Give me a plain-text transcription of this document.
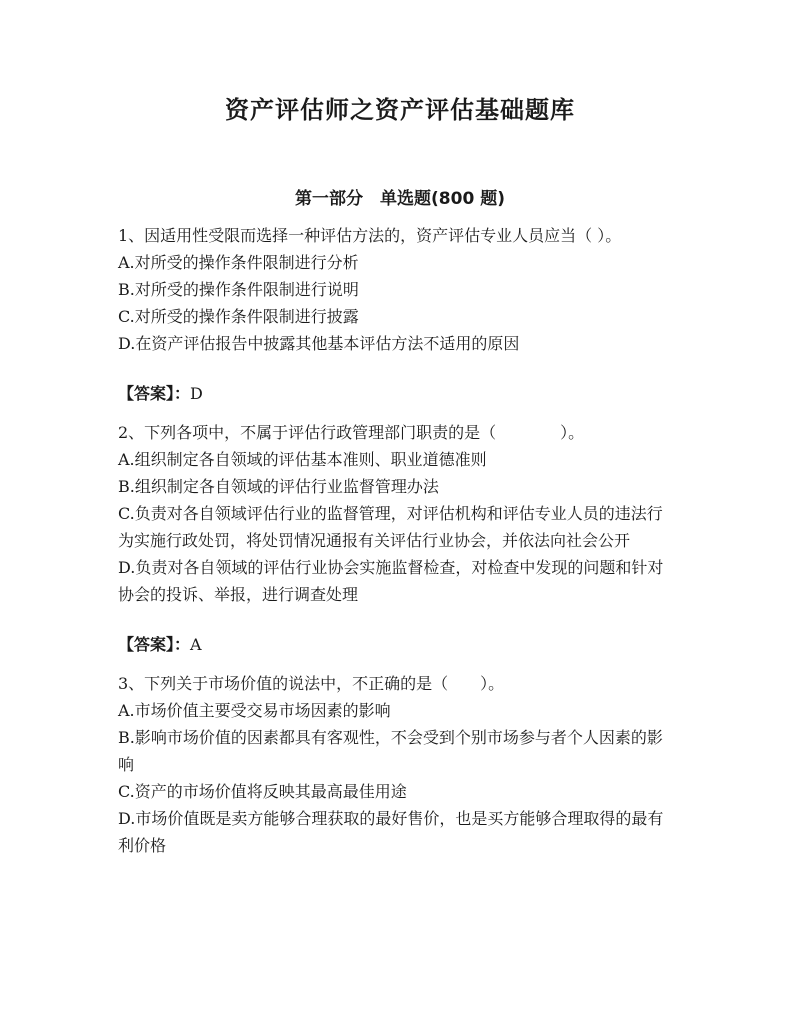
资产评估师之资产评估基础题库
第一部分　单选题(800 题)

1、因适用性受限而选择一种评估方法的，资产评估专业人员应当（ ）。

A.对所受的操作条件限制进行分析

B.对所受的操作条件限制进行说明

C.对所受的操作条件限制进行披露

D.在资产评估报告中披露其他基本评估方法不适用的原因

【答案】：D

2、下列各项中，不属于评估行政管理部门职责的是（　　　　）。

A.组织制定各自领域的评估基本准则、职业道德准则

B.组织制定各自领域的评估行业监督管理办法

C.负责对各自领域评估行业的监督管理，对评估机构和评估专业人员的违法行为实施行政处罚，将处罚情况通报有关评估行业协会，并依法向社会公开

D.负责对各自领域的评估行业协会实施监督检查，对检查中发现的问题和针对协会的投诉、举报，进行调查处理

【答案】：A

3、下列关于市场价值的说法中，不正确的是（　　）。

A.市场价值主要受交易市场因素的影响

B.影响市场价值的因素都具有客观性，不会受到个别市场参与者个人因素的影响

C.资产的市场价值将反映其最高最佳用途

D.市场价值既是卖方能够合理获取的最好售价，也是买方能够合理取得的最有利价格
